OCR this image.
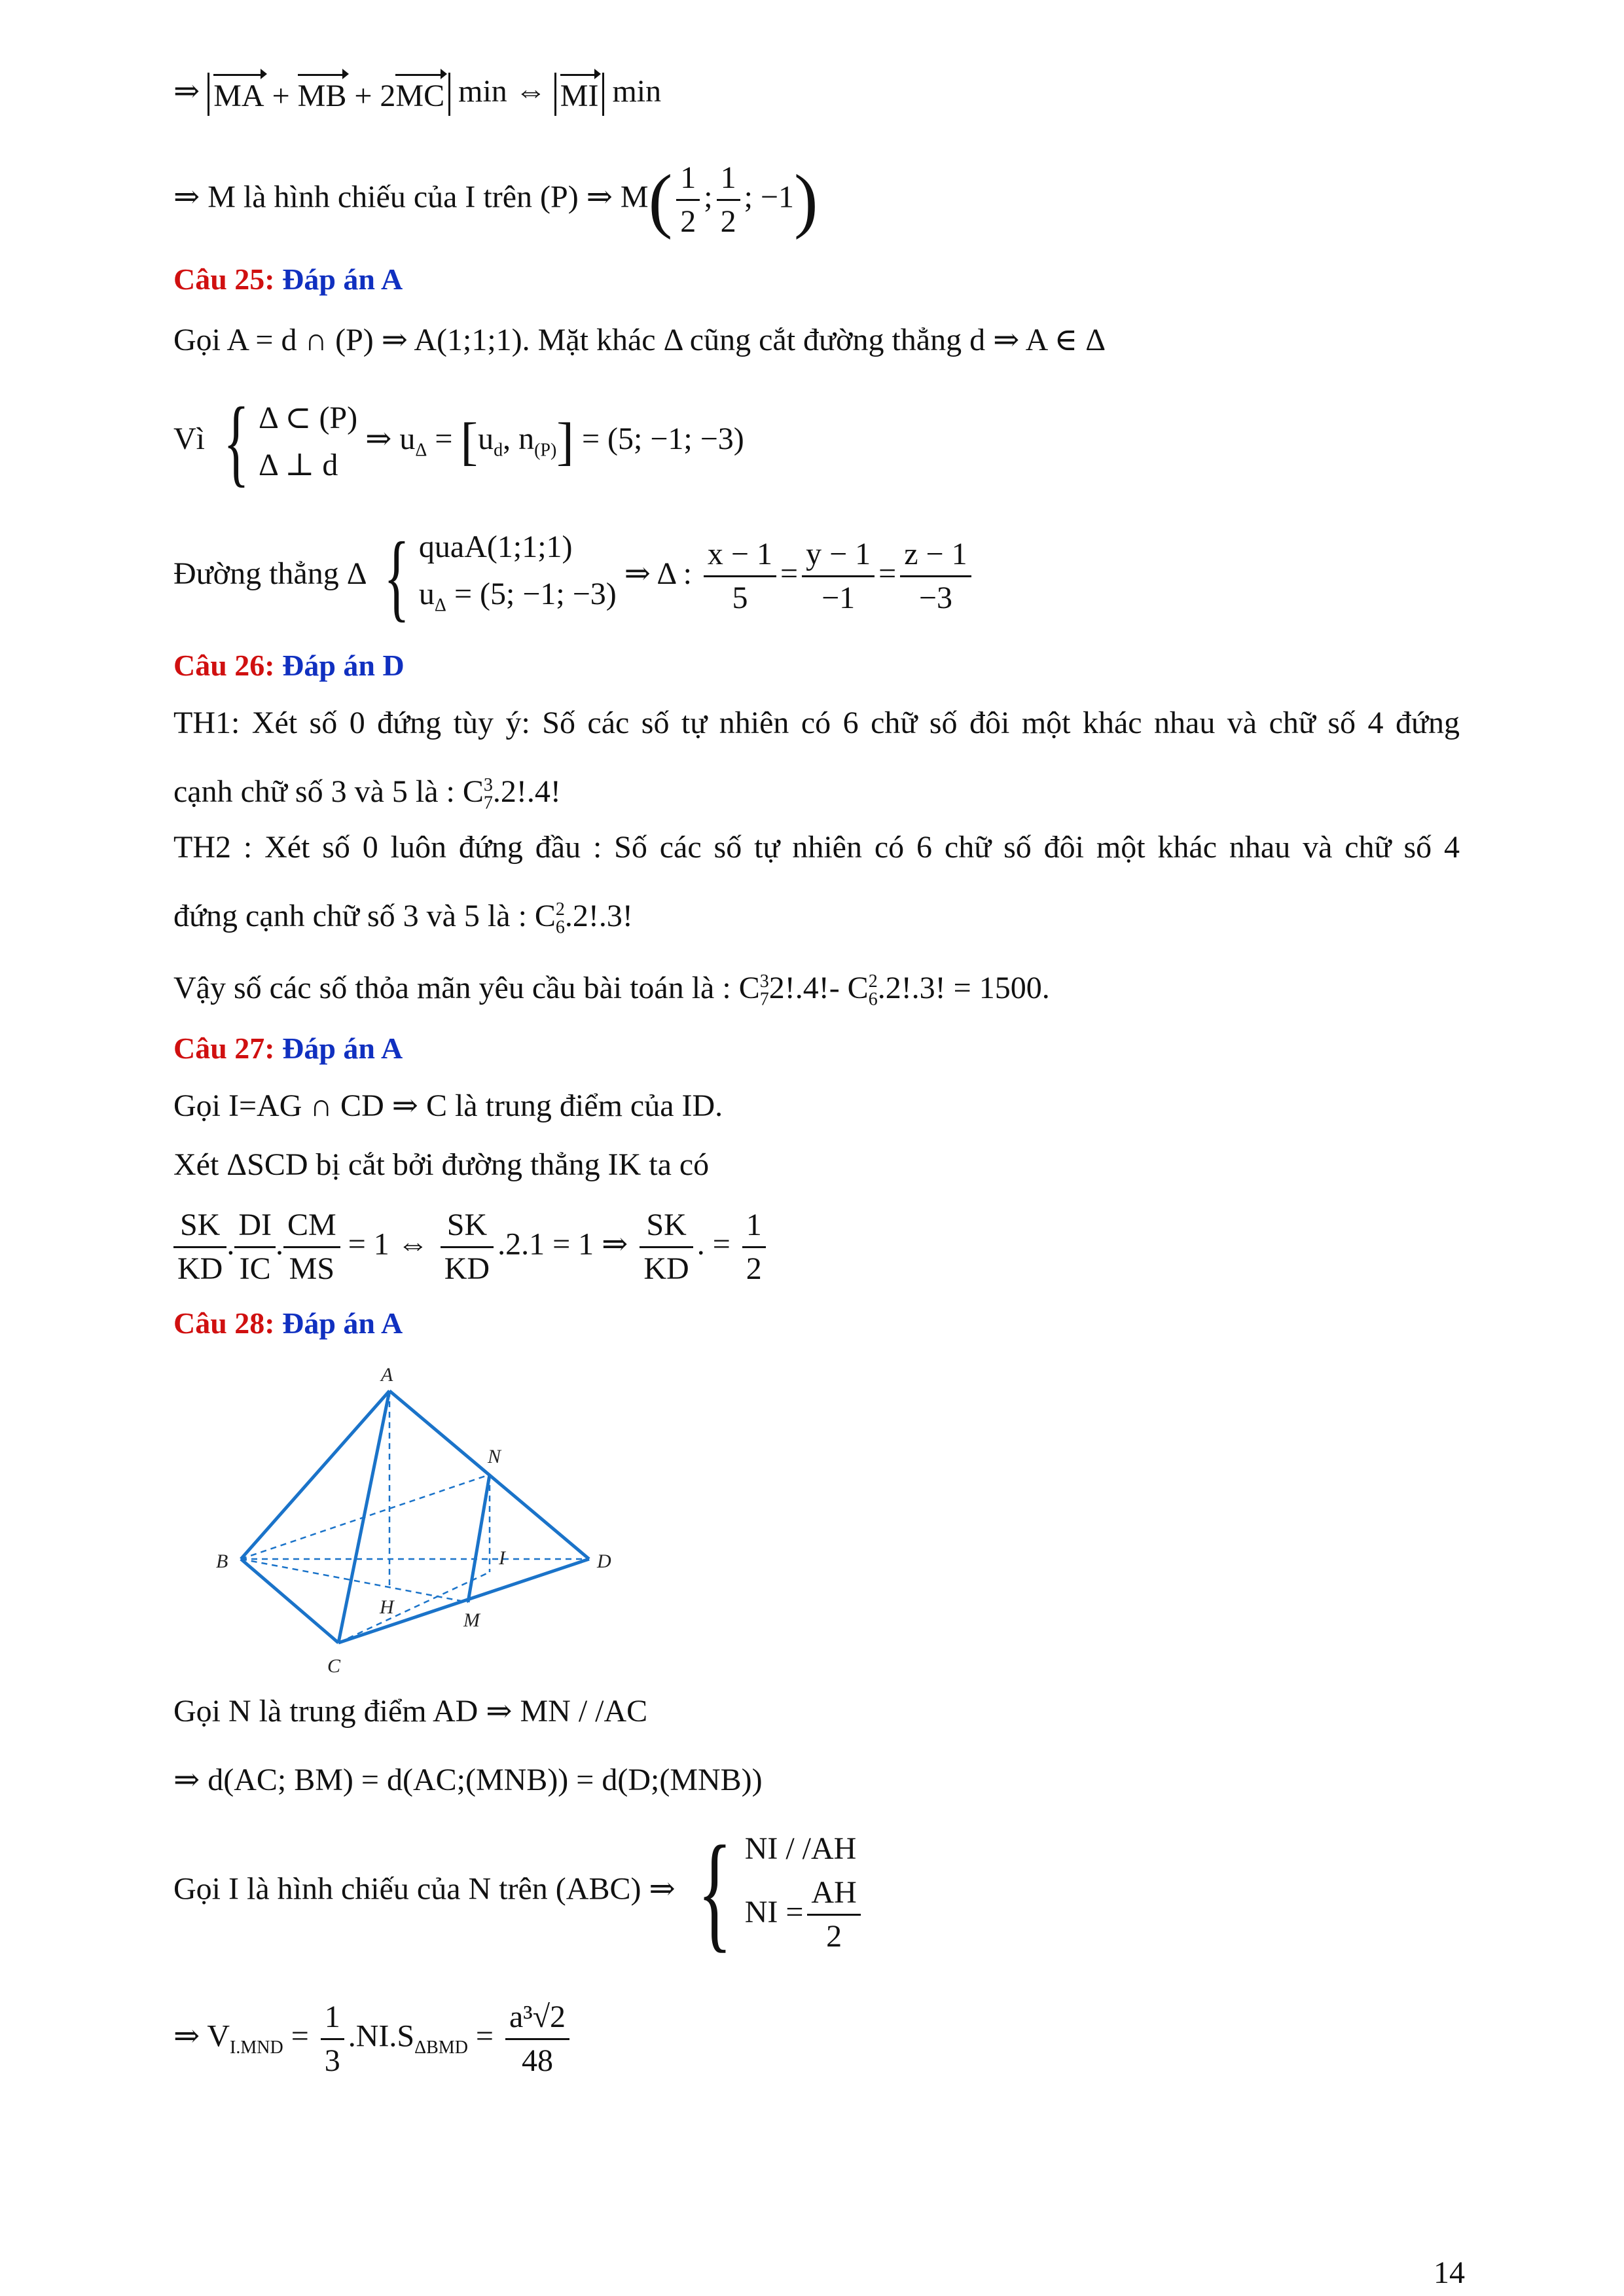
⇒ MA + MB + 2MC min ⇔ MI min
⇒ M là hình chiếu của I trên (P) ⇒ $M( \frac{1}{2}$ ; $\frac{1}{2}$ ; −1)
Câu 25: Đáp án A
Gọi A = d ∩ (P) ⇒ A(1;1;1). Mặt khác Δ cũng cắt đường thẳng d ⇒ A ∈ Δ
Vì { Δ ⊂ (P)
Δ ⊥ d ⇒ $u_\Delta = [u_d$, $n_{(P)}] = (5$; −1; −3)
Đường thẳng Δ { quaA(1;1;1)
$u_\Delta = (5$; −1; −3) ⇒ Δ : $\frac{x - 1}{5} = \frac{y - 1}{-1} = \frac{z - 1}{-3}$
Câu 26: Đáp án D
TH1: Xét số 0 đứng tùy ý: Số các số tự nhiên có 6 chữ số đôi một khác nhau và chữ số 4 đứng
cạnh chữ số 3 và 5 là : $C_7^3.2!.4$!
TH2 : Xét số 0 luôn đứng đầu : Số các số tự nhiên có 6 chữ số đôi một khác nhau và chữ số 4
đứng cạnh chữ số 3 và 5 là : $C_6^2.2!.3$!
Vậy số các số thỏa mãn yêu cầu bài toán là : $C_7^32!.4!-$ $C_6^2.2!.3$! = 1500.
Câu 27: Đáp án A
Gọi I=AG ∩ CD ⇒ C là trung điểm của ID.
Xét ΔSCD bị cắt bởi đường thẳng IK ta có
$\frac{SK}{KD}$ . $\frac{DI}{IC}$ . $\frac{CM}{MS} = 1$ ⇔ $\frac{SK}{KD} .2.1 = 1$ ⇒ $\frac{SK}{KD}$ . = $\frac{1}{2}$
Câu 28: Đáp án A
A
B
C
D
N
I
H
M
Gọi N là trung điểm AD ⇒ MN / /AC
⇒ d(AC; BM) = d(AC;(MNB)) = d(D;(MNB))
Gọi I là hình chiếu của N trên (ABC) ⇒ { NI / /AH
NI = $\frac{AH}{2}$
⇒ $V_{I.MND} = \frac{1}{3} .NI.S_{\Delta BMD} = \frac{\text{a³√2}}{48}$
14
